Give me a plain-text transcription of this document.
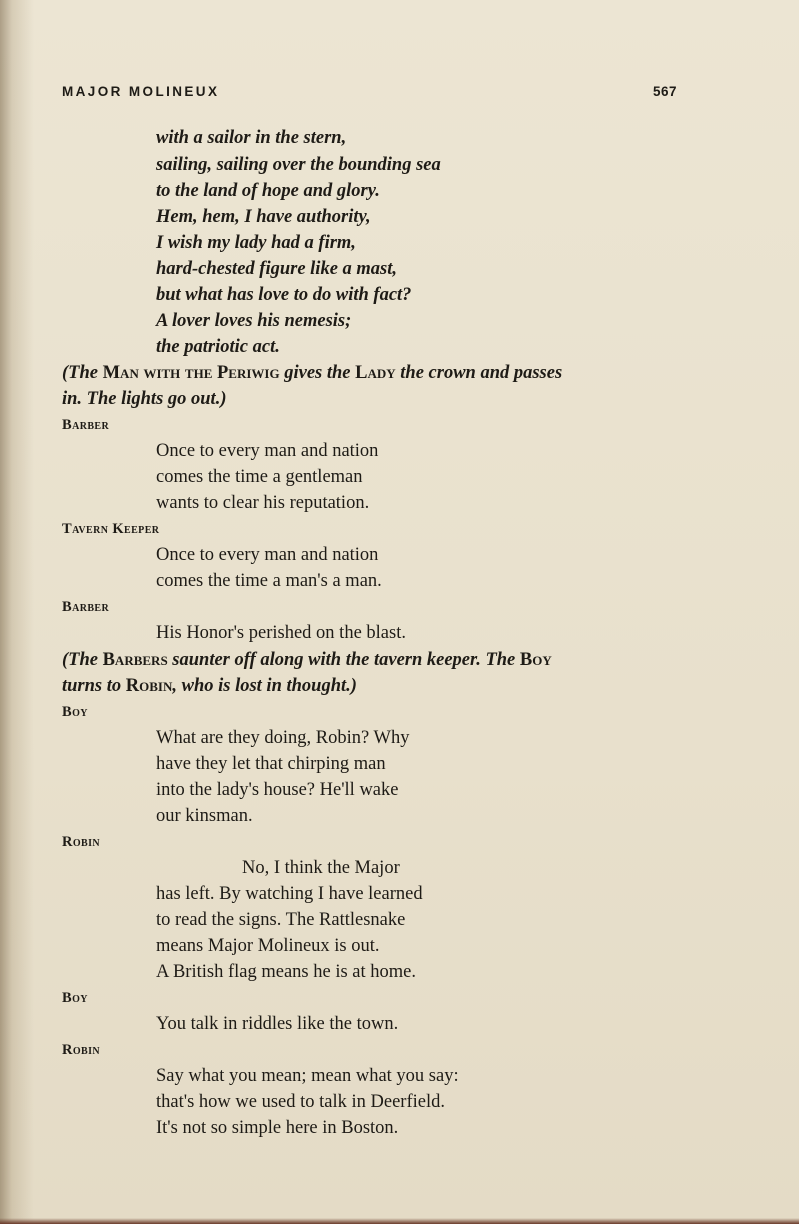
MAJOR MOLINEUX	567
with a sailor in the stern,
sailing, sailing over the bounding sea
to the land of hope and glory.
Hem, hem, I have authority,
I wish my lady had a firm,
hard-chested figure like a mast,
but what has love to do with fact?
A lover loves his nemesis;
the patriotic act.
(The Man with the Periwig gives the Lady the crown and passes
in. The lights go out.)
Barber
Once to every man and nation
comes the time a gentleman
wants to clear his reputation.
Tavern Keeper
Once to every man and nation
comes the time a man's a man.
Barber
His Honor's perished on the blast.
(The Barbers saunter off along with the tavern keeper. The Boy
turns to Robin, who is lost in thought.)
Boy
What are they doing, Robin? Why
have they let that chirping man
into the lady's house? He'll wake
our kinsman.
Robin
No, I think the Major
has left. By watching I have learned
to read the signs. The Rattlesnake
means Major Molineux is out.
A British flag means he is at home.
Boy
You talk in riddles like the town.
Robin
Say what you mean; mean what you say:
that's how we used to talk in Deerfield.
It's not so simple here in Boston.
